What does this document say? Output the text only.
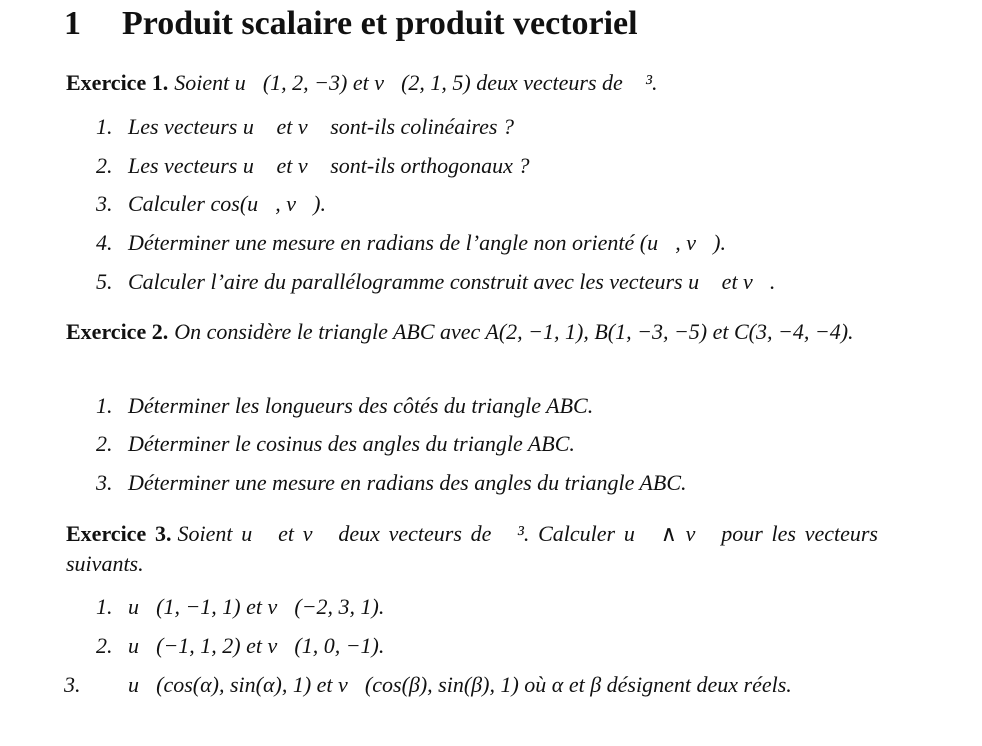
1 Produit scalaire et produit vectoriel

Exercice 1. Soient u⃗(1, 2, −3) et v⃗(2, 1, 5) deux vecteurs de ℝ³.

1. Les vecteurs u⃗ et v⃗ sont-ils colinéaires ?

2. Les vecteurs u⃗ et v⃗ sont-ils orthogonaux ?

3. Calculer cos(u⃗, v⃗).

4. Déterminer une mesure en radians de l’angle non orienté (u⃗, v⃗).

5. Calculer l’aire du parallélogramme construit avec les vecteurs u⃗ et v⃗.

Exercice 2. On considère le triangle ABC avec A(2, −1, 1), B(1, −3, −5) et C(3, −4, −4).

1. Déterminer les longueurs des côtés du triangle ABC.

2. Déterminer le cosinus des angles du triangle ABC.

3. Déterminer une mesure en radians des angles du triangle ABC.

Exercice 3. Soient u⃗ et v⃗ deux vecteurs de ℝ³. Calculer u⃗ ∧ v⃗ pour les vecteurs suivants.

1. u⃗(1, −1, 1) et v⃗(−2, 3, 1).

2. u⃗(−1, 1, 2) et v⃗(1, 0, −1).

3. u⃗(cos(α), sin(α), 1) et v⃗(cos(β), sin(β), 1) où α et β désignent deux réels.
